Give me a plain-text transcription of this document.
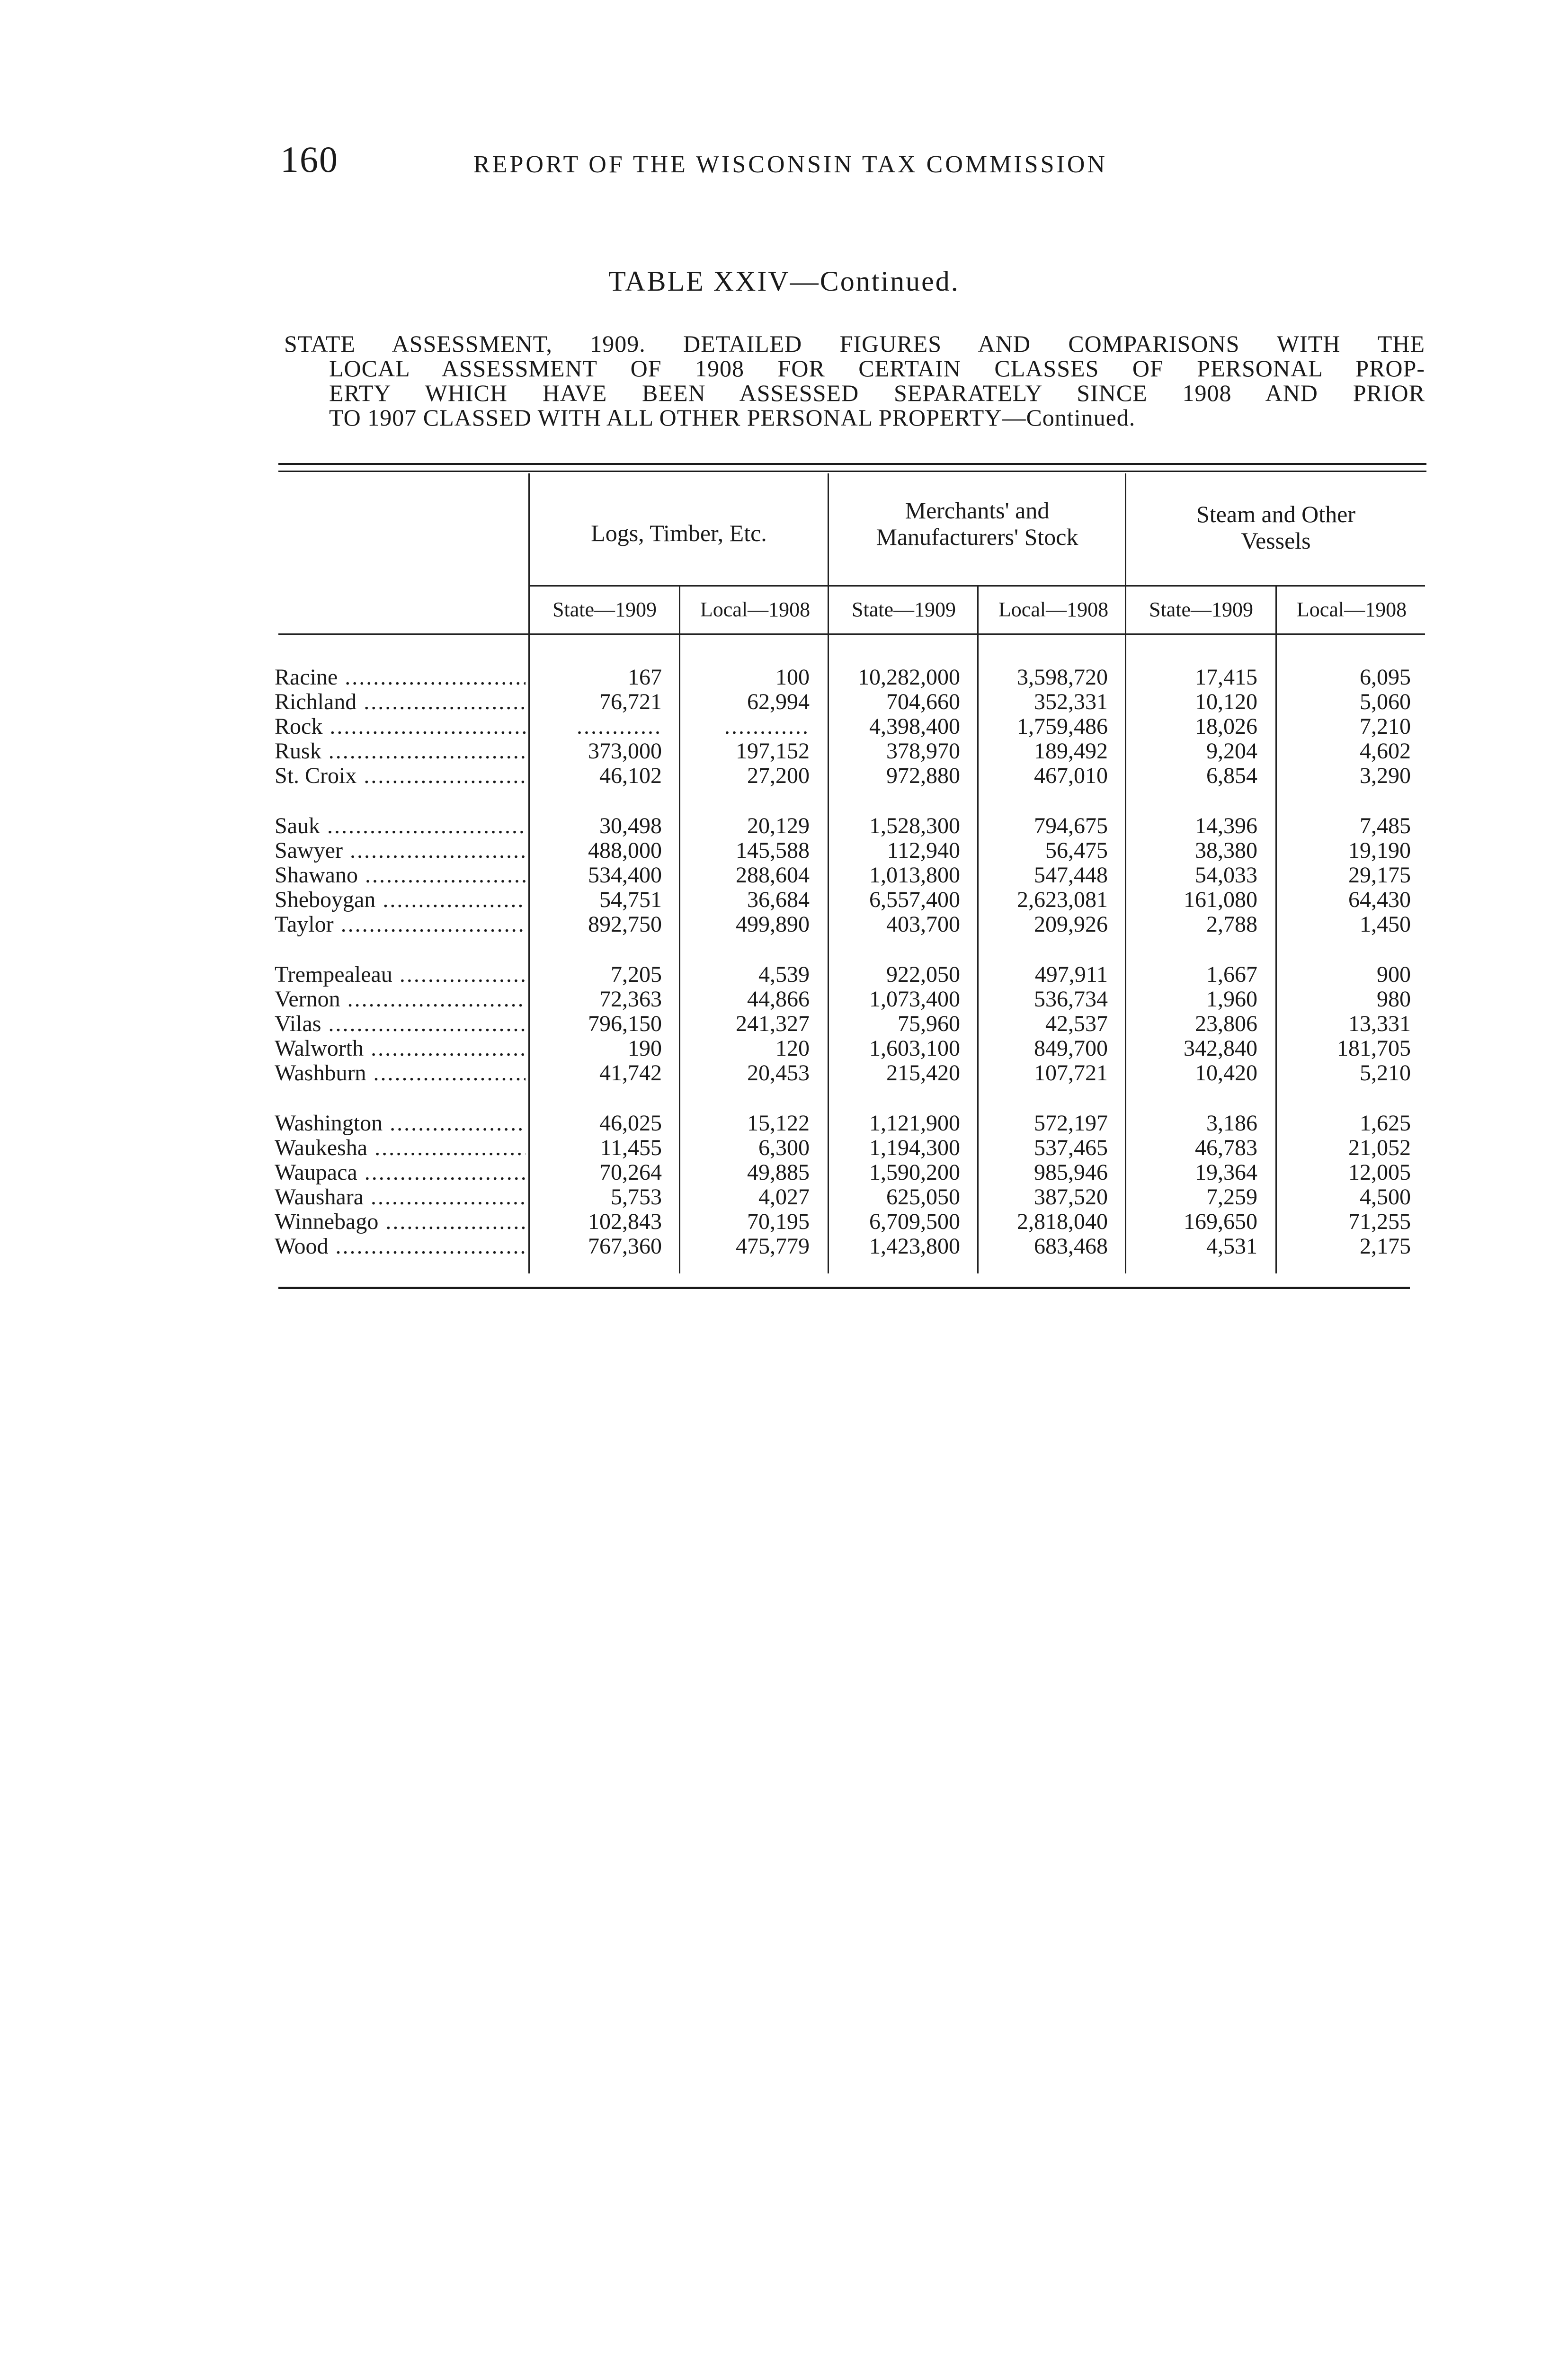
160	REPORT OF THE WISCONSIN TAX COMMISSION
TABLE XXIV—Continued.
STATE ASSESSMENT, 1909. DETAILED FIGURES AND COMPARISONS WITH THE
LOCAL ASSESSMENT OF 1908 FOR CERTAIN CLASSES OF PERSONAL PROP-
ERTY WHICH HAVE BEEN ASSESSED SEPARATELY SINCE 1908 AND PRIOR
TO 1907 CLASSED WITH ALL OTHER PERSONAL PROPERTY—Continued.
Logs, Timber, Etc.
Merchants' and
Manufacturers' Stock
Steam and Other
Vessels
State—1909	Local—1908	State—1909	Local—1908	State—1909	Local—1908
Racine .....	167	100	10,282,000	3,598,720	17,415	6,095
Richland .....	76,721	62,994	704,660	352,331	10,120	5,060
Rock .....	............	............	4,398,400	1,759,486	18,026	7,210
Rusk .....	373,000	197,152	378,970	189,492	9,204	4,602
St. Croix .....	46,102	27,200	972,880	467,010	6,854	3,290
Sauk .....	30,498	20,129	1,528,300	794,675	14,396	7,485
Sawyer .....	488,000	145,588	112,940	56,475	38,380	19,190
Shawano .....	534,400	288,604	1,013,800	547,448	54,033	29,175
Sheboygan .....	54,751	36,684	6,557,400	2,623,081	161,080	64,430
Taylor .....	892,750	499,890	403,700	209,926	2,788	1,450
Trempealeau .....	7,205	4,539	922,050	497,911	1,667	900
Vernon .....	72,363	44,866	1,073,400	536,734	1,960	980
Vilas .....	796,150	241,327	75,960	42,537	23,806	13,331
Walworth .....	190	120	1,603,100	849,700	342,840	181,705
Washburn .....	41,742	20,453	215,420	107,721	10,420	5,210
Washington .....	46,025	15,122	1,121,900	572,197	3,186	1,625
Waukesha .....	11,455	6,300	1,194,300	537,465	46,783	21,052
Waupaca .....	70,264	49,885	1,590,200	985,946	19,364	12,005
Waushara .....	5,753	4,027	625,050	387,520	7,259	4,500
Winnebago .....	102,843	70,195	6,709,500	2,818,040	169,650	71,255
Wood .....	767,360	475,779	1,423,800	683,468	4,531	2,175
